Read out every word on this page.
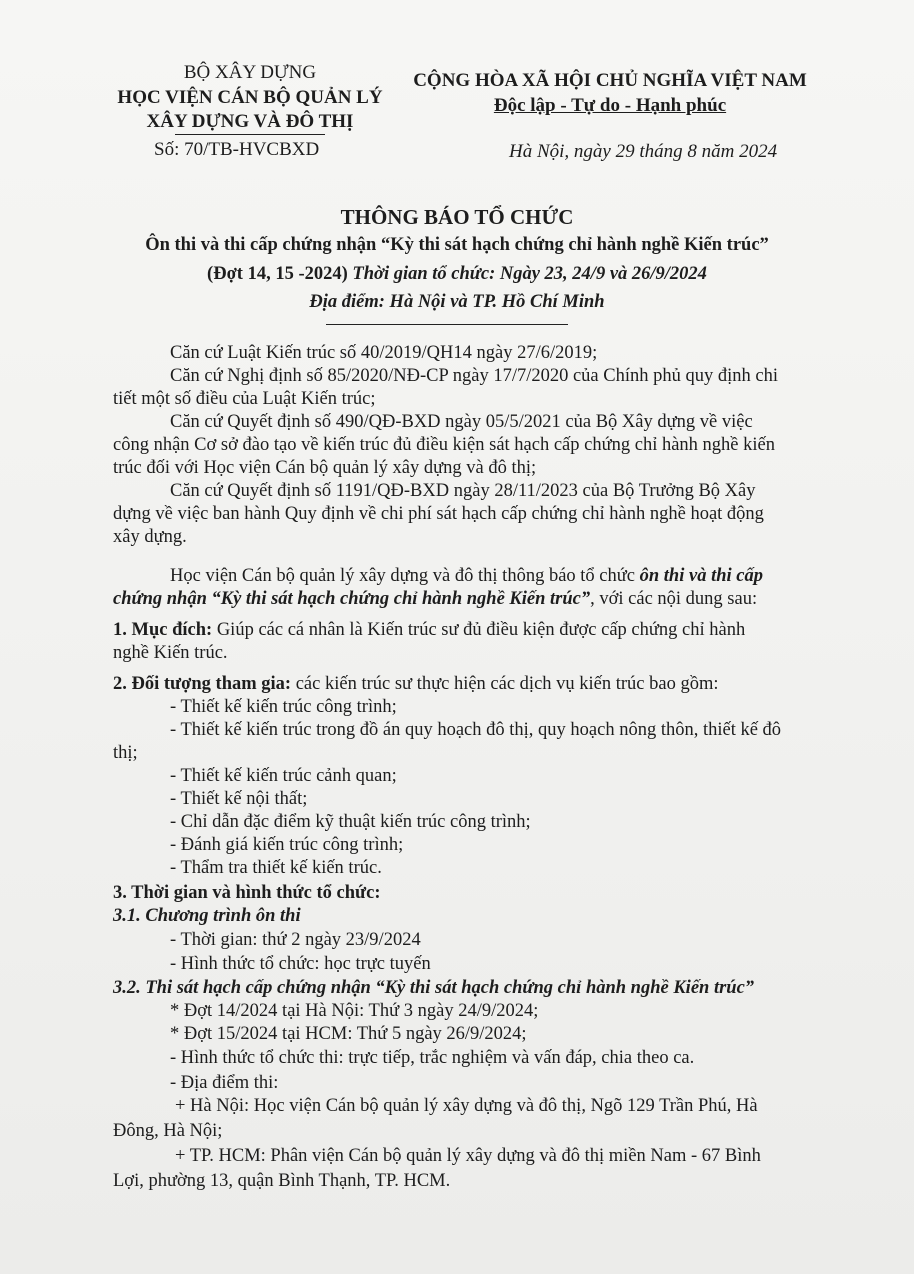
BỘ XÂY DỰNG
HỌC VIỆN CÁN BỘ QUẢN LÝ
XÂY DỰNG VÀ ĐÔ THỊ
Số: 70/TB-HVCBXD
CỘNG HÒA XÃ HỘI CHỦ NGHĨA VIỆT NAM
Độc lập - Tự do - Hạnh phúc
Hà Nội, ngày 29 tháng 8 năm 2024
THÔNG BÁO TỔ CHỨC
Ôn thi và thi cấp chứng nhận “Kỳ thi sát hạch chứng chỉ hành nghề Kiến trúc”
(Đợt 14, 15 -2024) Thời gian tổ chức: Ngày 23, 24/9 và 26/9/2024
Địa điểm: Hà Nội và TP. Hồ Chí Minh
Căn cứ Luật Kiến trúc số 40/2019/QH14 ngày 27/6/2019;
Căn cứ Nghị định số 85/2020/NĐ-CP ngày 17/7/2020 của Chính phủ quy định chi
tiết một số điều của Luật Kiến trúc;
Căn cứ Quyết định số 490/QĐ-BXD ngày 05/5/2021 của Bộ Xây dựng về việc
công nhận Cơ sở đào tạo về kiến trúc đủ điều kiện sát hạch cấp chứng chỉ hành nghề kiến
trúc đối với Học viện Cán bộ quản lý xây dựng và đô thị;
Căn cứ Quyết định số 1191/QĐ-BXD ngày 28/11/2023 của Bộ Trưởng Bộ Xây
dựng về việc ban hành Quy định về chi phí sát hạch cấp chứng chỉ hành nghề hoạt động
xây dựng.
Học viện Cán bộ quản lý xây dựng và đô thị thông báo tổ chức ôn thi và thi cấp
chứng nhận “Kỳ thi sát hạch chứng chỉ hành nghề Kiến trúc”, với các nội dung sau:
1. Mục đích: Giúp các cá nhân là Kiến trúc sư đủ điều kiện được cấp chứng chỉ hành
nghề Kiến trúc.
2. Đối tượng tham gia: các kiến trúc sư thực hiện các dịch vụ kiến trúc bao gồm:
- Thiết kế kiến trúc công trình;
- Thiết kế kiến trúc trong đồ án quy hoạch đô thị, quy hoạch nông thôn, thiết kế đô
thị;
- Thiết kế kiến trúc cảnh quan;
- Thiết kế nội thất;
- Chỉ dẫn đặc điểm kỹ thuật kiến trúc công trình;
- Đánh giá kiến trúc công trình;
- Thẩm tra thiết kế kiến trúc.
3. Thời gian và hình thức tổ chức:
3.1. Chương trình ôn thi
- Thời gian: thứ 2 ngày 23/9/2024
- Hình thức tổ chức: học trực tuyến
3.2. Thi sát hạch cấp chứng nhận “Kỳ thi sát hạch chứng chỉ hành nghề Kiến trúc”
* Đợt 14/2024 tại Hà Nội: Thứ 3 ngày 24/9/2024;
* Đợt 15/2024 tại HCM: Thứ 5 ngày 26/9/2024;
- Hình thức tổ chức thi: trực tiếp, trắc nghiệm và vấn đáp, chia theo ca.
- Địa điểm thi:
+ Hà Nội: Học viện Cán bộ quản lý xây dựng và đô thị, Ngõ 129 Trần Phú, Hà
Đông, Hà Nội;
+ TP. HCM: Phân viện Cán bộ quản lý xây dựng và đô thị miền Nam - 67 Bình
Lợi, phường 13, quận Bình Thạnh, TP. HCM.
